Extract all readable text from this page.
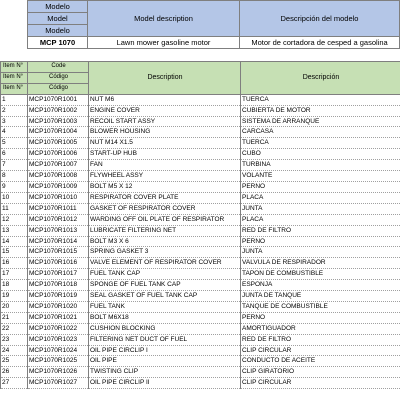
Modelo	Model description	Descripción del modelo
Model		
Modelo		
MCP 1070	Lawn mower gasoline motor	Motor de cortadora de cesped a gasolina
Item N°	Code	Description	Descripción
Item N°	Código		
Item N°	Código		
1	MCP1070R1001	NUT M6	TUERCA
2	MCP1070R1002	ENGINE COVER	CUBIERTA DE MOTOR
3	MCP1070R1003	RECOIL START ASSY	SISTEMA DE ARRANQUE
4	MCP1070R1004	BLOWER HOUSING	CARCASA
5	MCP1070R1005	NUT M14 X1.5	TUERCA
6	MCP1070R1006	START-UP HUB	CUBO
7	MCP1070R1007	FAN	TURBINA
8	MCP1070R1008	FLYWHEEL ASSY	VOLANTE
9	MCP1070R1009	BOLT M5 X 12	PERNO
10	MCP1070R1010	RESPIRATOR COVER PLATE	PLACA
11	MCP1070R1011	GASKET OF RESPIRATOR COVER	JUNTA
12	MCP1070R1012	WARDING OFF OIL PLATE OF RESPIRATOR	PLACA
13	MCP1070R1013	LUBRICATE FILTERING NET	RED DE FILTRO
14	MCP1070R1014	BOLT M3 X 6	PERNO
15	MCP1070R1015	SPRING GASKET 3	JUNTA
16	MCP1070R1016	VALVE ELEMENT OF RESPIRATOR COVER	VALVULA DE RESPIRADOR
17	MCP1070R1017	FUEL TANK CAP	TAPON DE COMBUSTIBLE
18	MCP1070R1018	SPONGE OF FUEL TANK CAP	ESPONJA
19	MCP1070R1019	SEAL GASKET OF FUEL TANK CAP	JUNTA DE TANQUE
20	MCP1070R1020	FUEL TANK	TANQUE DE COMBUSTIBLE
21	MCP1070R1021	BOLT M6X18	PERNO
22	MCP1070R1022	CUSHION BLOCKING	AMORTIGUADOR
23	MCP1070R1023	FILTERING NET DUCT OF FUEL	RED DE FILTRO
24	MCP1070R1024	OIL PIPE CIRCLIP I	CLIP CIRCULAR
25	MCP1070R1025	OIL PIPE	CONDUCTO DE ACEITE
26	MCP1070R1026	TWISTING CLIP	CLIP GIRATORIO
27	MCP1070R1027	OIL PIPE CIRCLIP II	CLIP CIRCULAR
